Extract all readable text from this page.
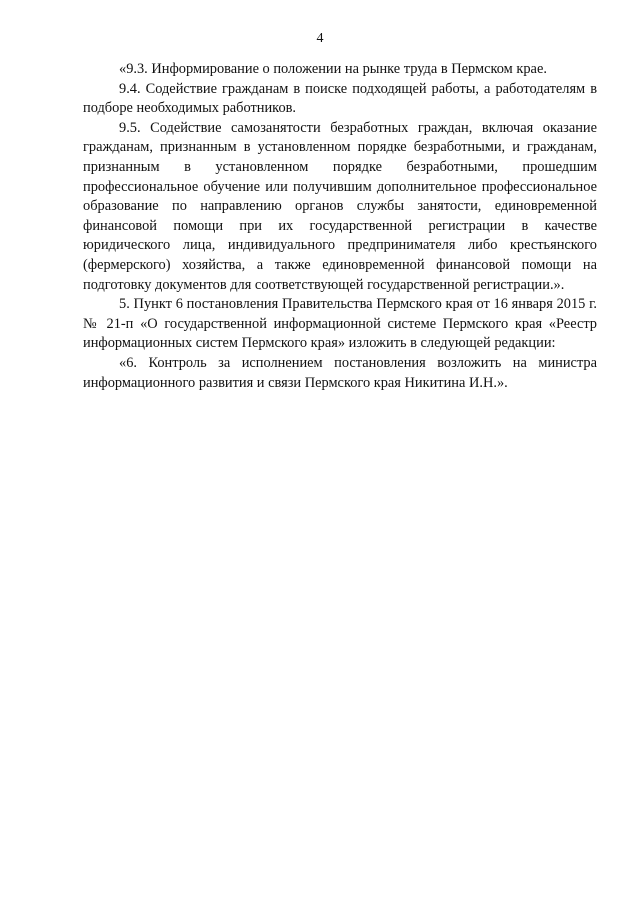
4

«9.3. Информирование о положении на рынке труда в Пермском крае.

9.4. Содействие гражданам в поиске подходящей работы, а работодателям в подборе необходимых работников.

9.5. Содействие самозанятости безработных граждан, включая оказание гражданам, признанным в установленном порядке безработными, и гражданам, признанным в установленном порядке безработными, прошедшим профессиональное обучение или получившим дополнительное профессиональное образование по направлению органов службы занятости, единовременной финансовой помощи при их государственной регистрации в качестве юридического лица, индивидуального предпринимателя либо крестьянского (фермерского) хозяйства, а также единовременной финансовой помощи на подготовку документов для соответствующей государственной регистрации.».

5. Пункт 6 постановления Правительства Пермского края от 16 января 2015 г. № 21-п «О государственной информационной системе Пермского края «Реестр информационных систем Пермского края» изложить в следующей редакции:

«6. Контроль за исполнением постановления возложить на министра информационного развития и связи Пермского края Никитина И.Н.».
